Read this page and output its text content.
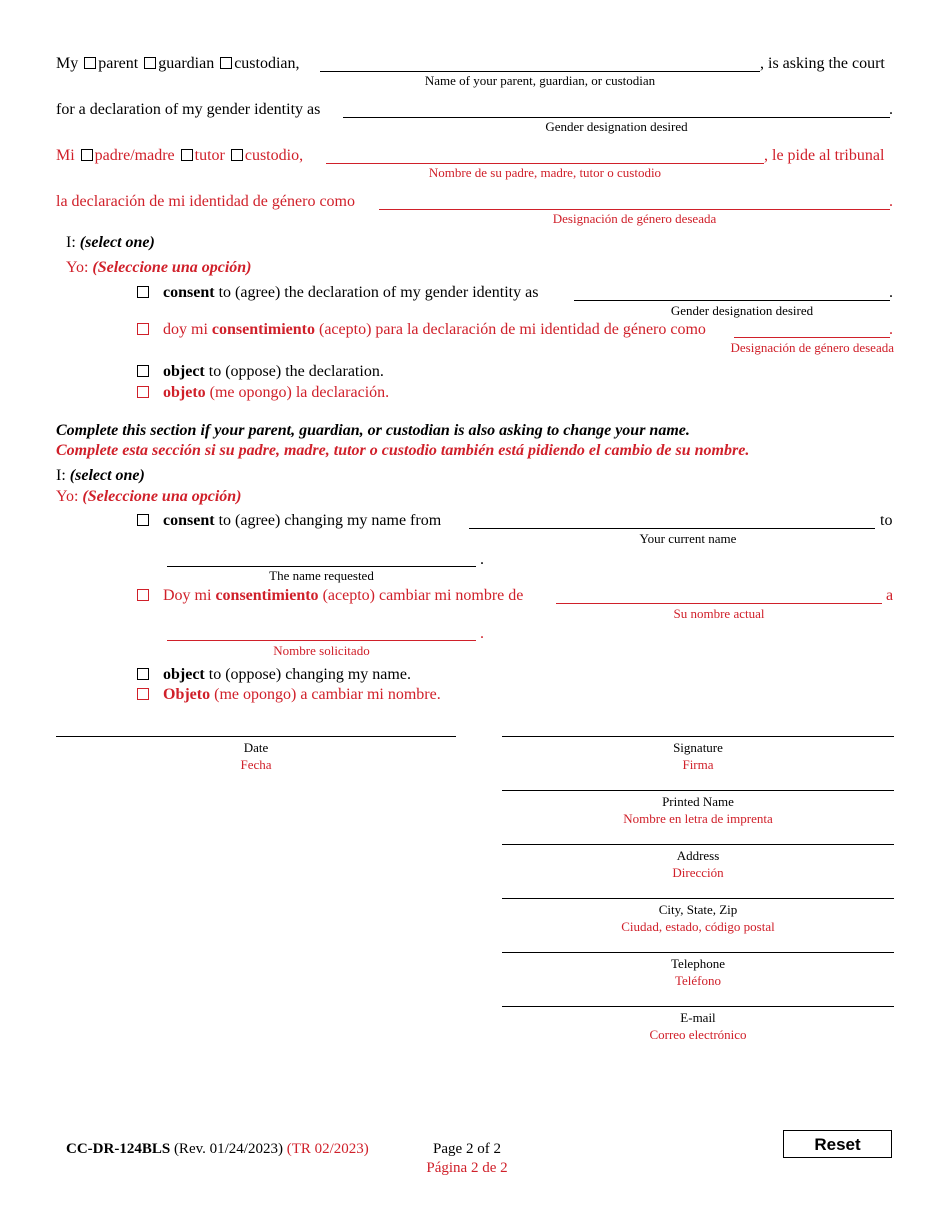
My parent guardian custodian,	, is asking the court
Name of your parent, guardian, or custodian
for a declaration of my gender identity as	.
Gender designation desired
Mi padre/madre tutor custodio,	, le pide al tribunal
Nombre de su padre, madre, tutor o custodio
la declaración de mi identidad de género como	.
Designación de género deseada
I: (select one)
Yo: (Seleccione una opción)
consent to (agree) the declaration of my gender identity as	.
Gender designation desired
doy mi consentimiento (acepto) para la declaración de mi identidad de género como	.
Designación de género deseada
object to (oppose) the declaration.
objeto (me opongo) la declaración.
Complete this section if your parent, guardian, or custodian is also asking to change your name.
Complete esta sección si su padre, madre, tutor o custodio también está pidiendo el cambio de su nombre.
I: (select one)
Yo: (Seleccione una opción)
consent to (agree) changing my name from	to
Your current name
.
The name requested
Doy mi consentimiento (acepto) cambiar mi nombre de	a
Su nombre actual
.
Nombre solicitado
object to (oppose) changing my name.
Objeto (me opongo) a cambiar mi nombre.
Date
Fecha
Signature
Firma
Printed Name
Nombre en letra de imprenta
Address
Dirección
City, State, Zip
Ciudad, estado, código postal
Telephone
Teléfono
E-mail
Correo electrónico
CC-DR-124BLS (Rev. 01/24/2023) (TR 02/2023)	Page 2 of 2
Página 2 de 2
Reset
